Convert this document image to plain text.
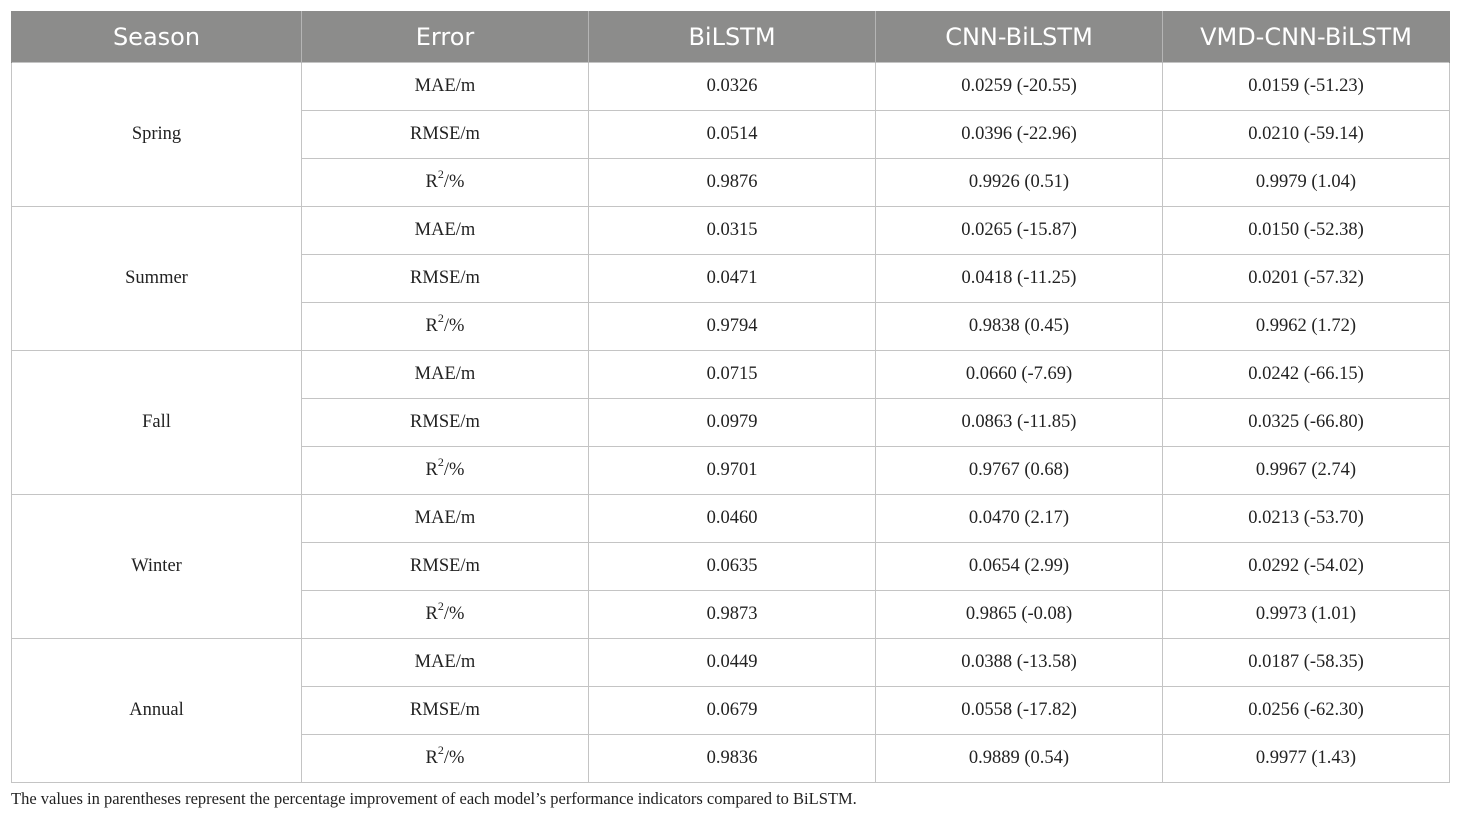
Season	Error	BiLSTM	CNN-BiLSTM	VMD-CNN-BiLSTM
Spring	MAE/m	0.0326	0.0259 (-20.55)	0.0159 (-51.23)
	RMSE/m	0.0514	0.0396 (-22.96)	0.0210 (-59.14)
	$R^2/\%$	0.9876	0.9926 (0.51)	0.9979 (1.04)
Summer	MAE/m	0.0315	0.0265 (-15.87)	0.0150 (-52.38)
	RMSE/m	0.0471	0.0418 (-11.25)	0.0201 (-57.32)
	$R^2/\%$	0.9794	0.9838 (0.45)	0.9962 (1.72)
Fall	MAE/m	0.0715	0.0660 (-7.69)	0.0242 (-66.15)
	RMSE/m	0.0979	0.0863 (-11.85)	0.0325 (-66.80)
	$R^2/\%$	0.9701	0.9767 (0.68)	0.9967 (2.74)
Winter	MAE/m	0.0460	0.0470 (2.17)	0.0213 (-53.70)
	RMSE/m	0.0635	0.0654 (2.99)	0.0292 (-54.02)
	$R^2/\%$	0.9873	0.9865 (-0.08)	0.9973 (1.01)
Annual	MAE/m	0.0449	0.0388 (-13.58)	0.0187 (-58.35)
	RMSE/m	0.0679	0.0558 (-17.82)	0.0256 (-62.30)
	$R^2/\%$	0.9836	0.9889 (0.54)	0.9977 (1.43)
The values in parentheses represent the percentage improvement of each model’s performance indicators compared to BiLSTM.
